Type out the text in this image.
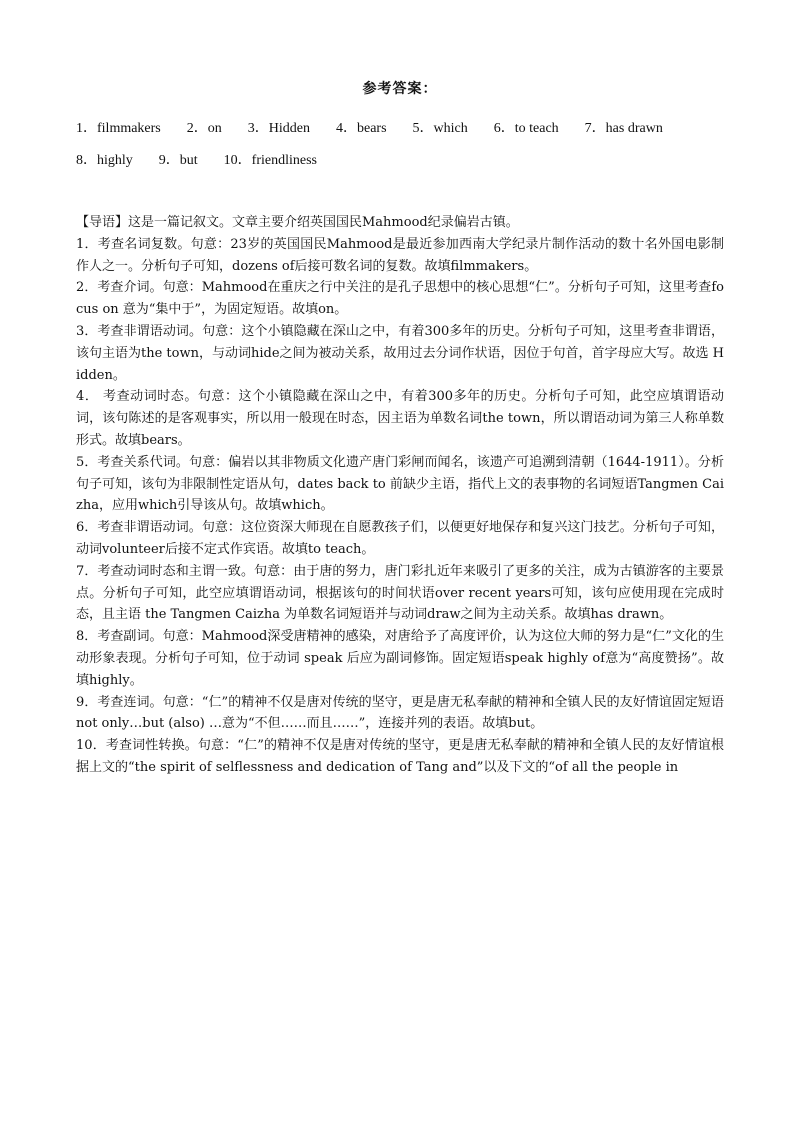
参考答案：
1．filmmakers 2．on 3．Hidden 4．bears 5．which 6．to teach 7．has drawn
8．highly 9．but 10．friendliness

【导语】这是一篇记叙文。文章主要介绍英国国民Mahmood纪录偏岩古镇。

1．考查名词复数。句意：23岁的英国国民Mahmood是最近参加西南大学纪录片制作活动的数十名外国电影制作人之一。分析句子可知，dozens of后接可数名词的复数。故填filmmakers。

2．考查介词。句意：Mahmood在重庆之行中关注的是孔子思想中的核心思想“仁”。分析句子可知，这里考查focus on 意为“集中于”，为固定短语。故填on。

3．考查非谓语动词。句意：这个小镇隐藏在深山之中，有着300多年的历史。分析句子可知，这里考查非谓语，该句主语为the town，与动词hide之间为被动关系，故用过去分词作状语，因位于句首，首字母应大写。故选 Hidden。

4． 考查动词时态。句意：这个小镇隐藏在深山之中，有着300多年的历史。分析句子可知，此空应填谓语动词，该句陈述的是客观事实，所以用一般现在时态，因主语为单数名词the town，所以谓语动词为第三人称单数形式。故填bears。

5．考查关系代词。句意：偏岩以其非物质文化遗产唐门彩闸而闻名，该遗产可追溯到清朝（1644-1911）。分析句子可知，该句为非限制性定语从句，dates back to 前缺少主语，指代上文的表事物的名词短语Tangmen Caizha，应用which引导该从句。故填which。

6．考查非谓语动词。句意：这位资深大师现在自愿教孩子们，以便更好地保存和复兴这门技艺。分析句子可知，动词volunteer后接不定式作宾语。故填to teach。

7．考查动词时态和主谓一致。句意：由于唐的努力，唐门彩扎近年来吸引了更多的关注，成为古镇游客的主要景点。分析句子可知，此空应填谓语动词，根据该句的时间状语over recent years可知，该句应使用现在完成时态，且主语 the Tangmen Caizha 为单数名词短语并与动词draw之间为主动关系。故填has drawn。

8．考查副词。句意：Mahmood深受唐精神的感染，对唐给予了高度评价，认为这位大师的努力是“仁”文化的生动形象表现。分析句子可知，位于动词 speak 后应为副词修饰。固定短语speak highly of意为“高度赞扬”。故填highly。

9．考查连词。句意：“仁”的精神不仅是唐对传统的坚守，更是唐无私奉献的精神和全镇人民的友好情谊固定短语 not only…but (also) …意为“不但……而且……”，连接并列的表语。故填but。

10．考查词性转换。句意：“仁”的精神不仅是唐对传统的坚守，更是唐无私奉献的精神和全镇人民的友好情谊根据上文的“the spirit of selflessness and dedication of Tang and”以及下文的“of all the people in
